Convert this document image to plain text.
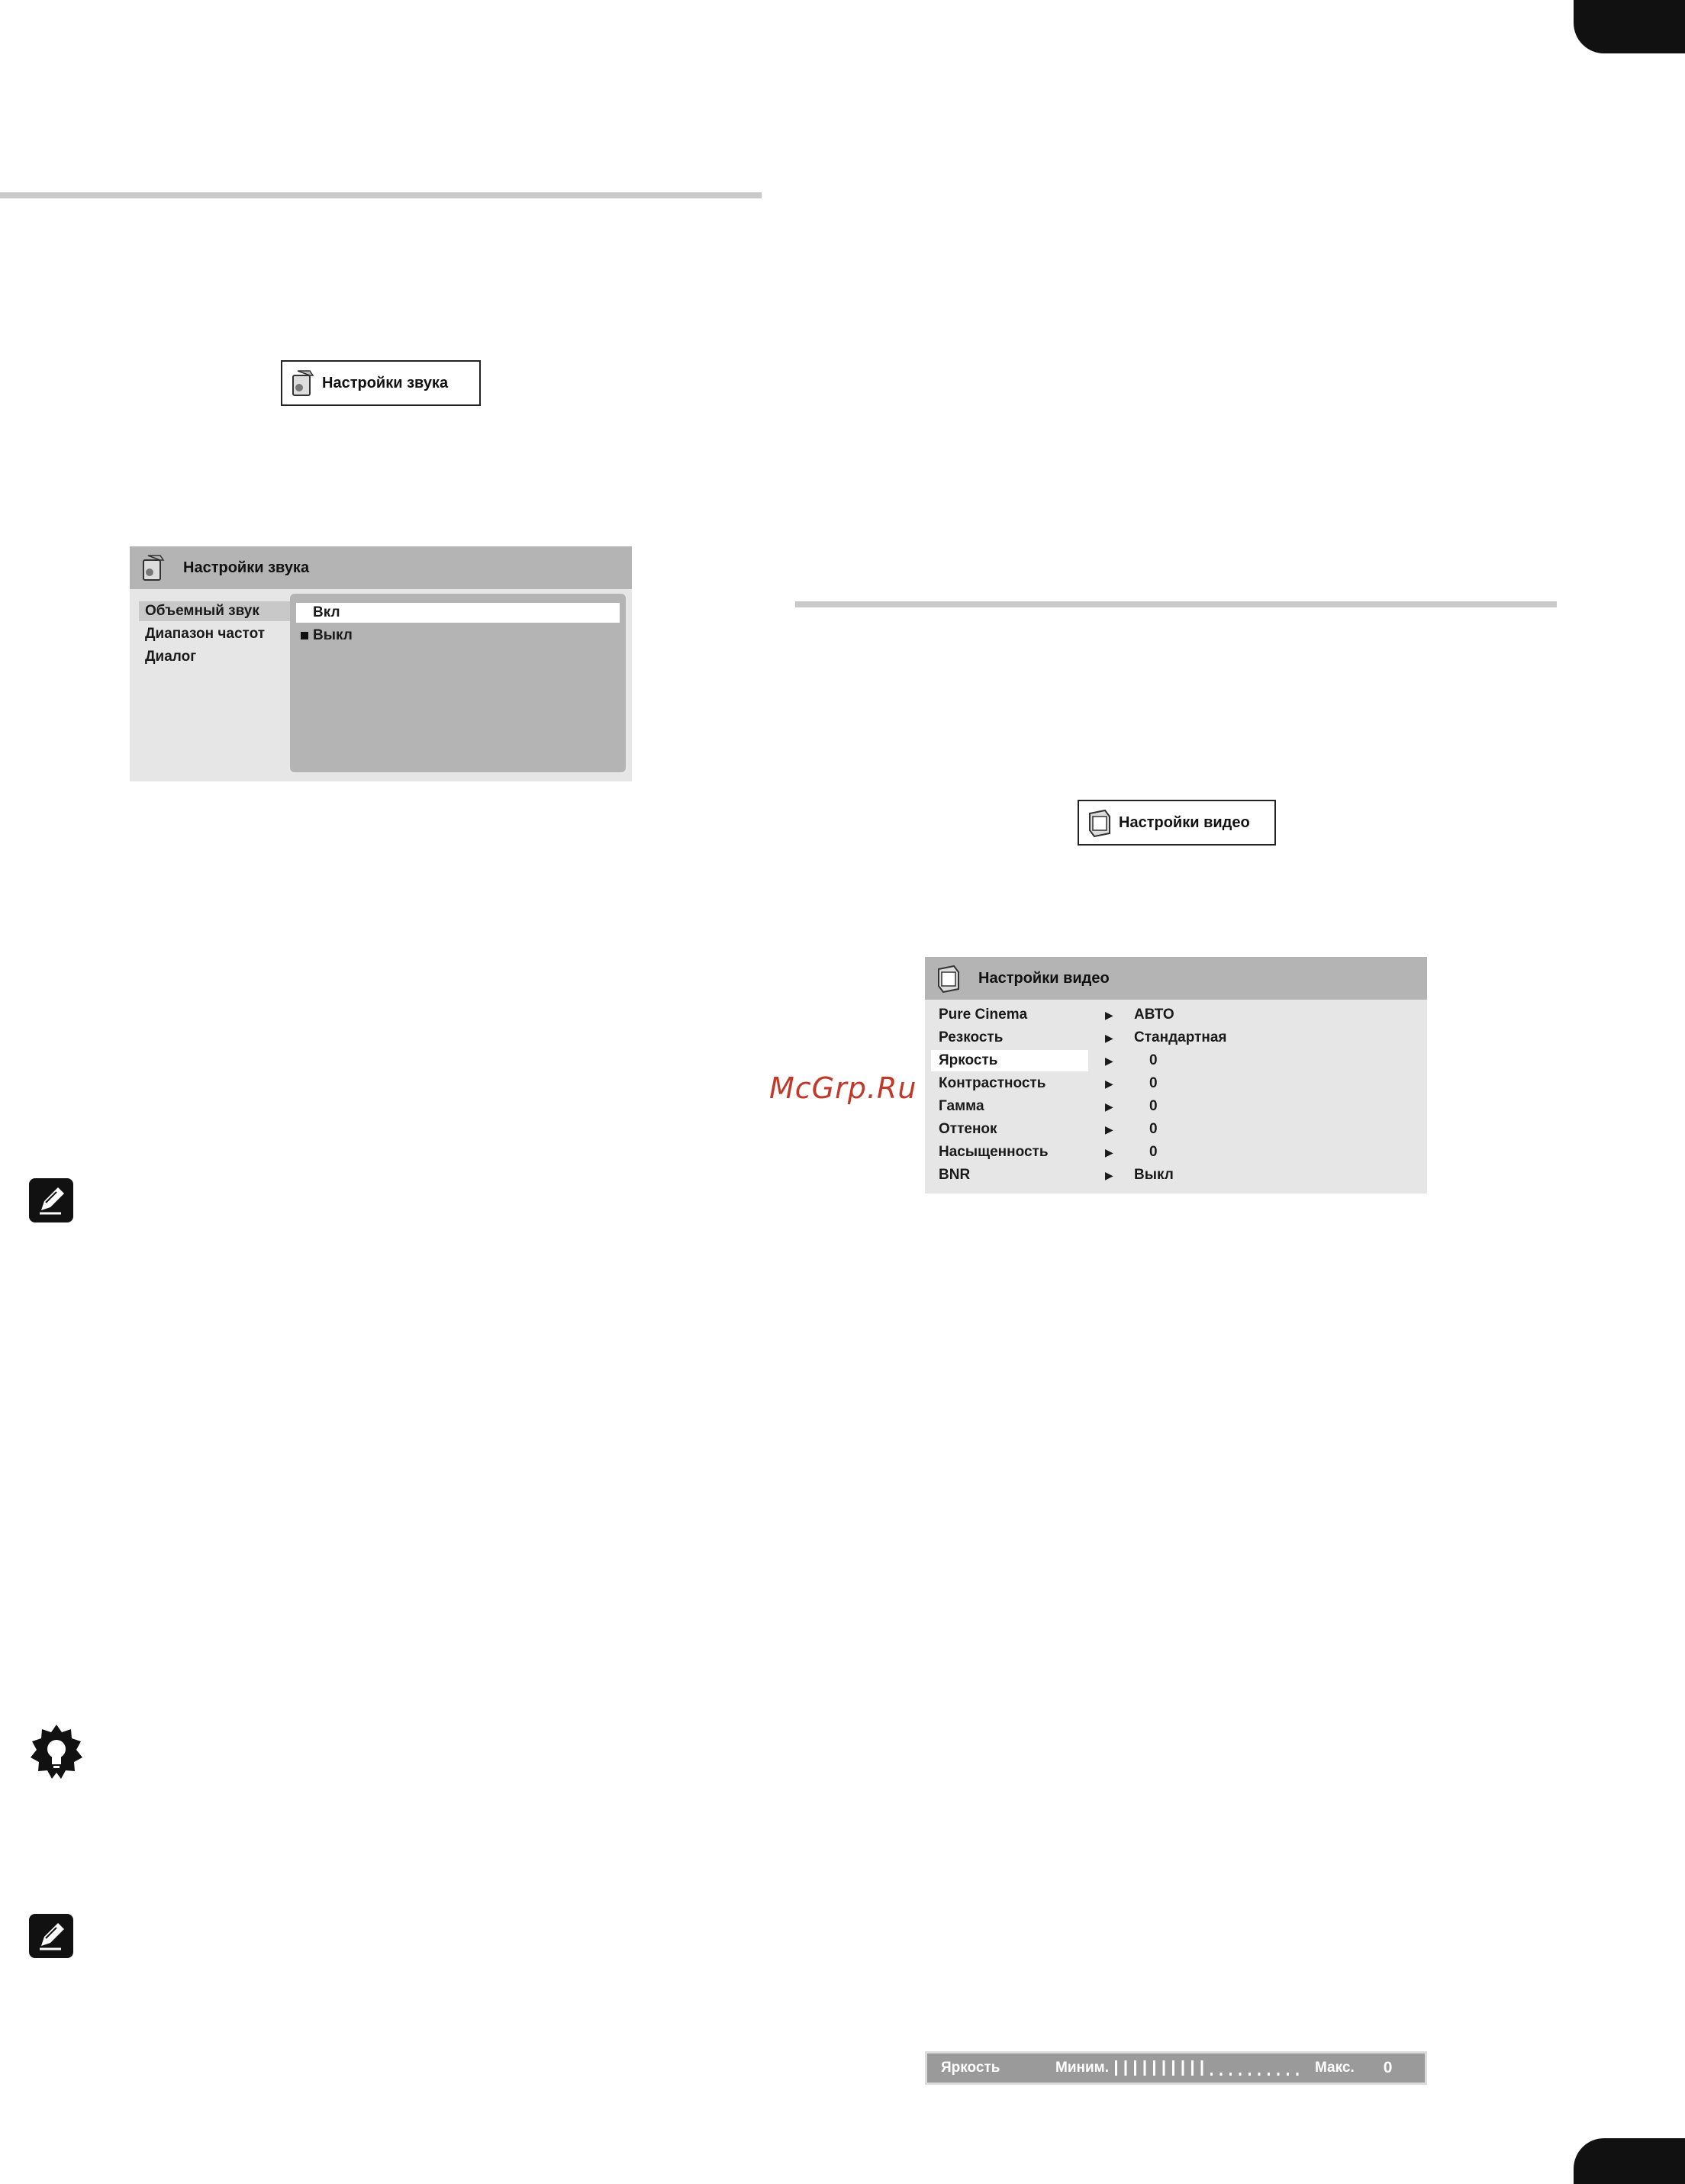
Настройки звука
Настройки звука
Объемный звук
Диапазон частот
Диалог
Вкл
Выкл
Настройки видео
Настройки видео
Pure Cinema	▶ АВТО
Резкость	▶ Стандартная
Яркость	▶ 0
Контрастность	▶ 0
Гамма	▶ 0
Оттенок	▶ 0
Насыщенность	▶ 0
BNR	▶ Выкл
McGrp.Ru
Яркость	Миним.	Макс. 0
